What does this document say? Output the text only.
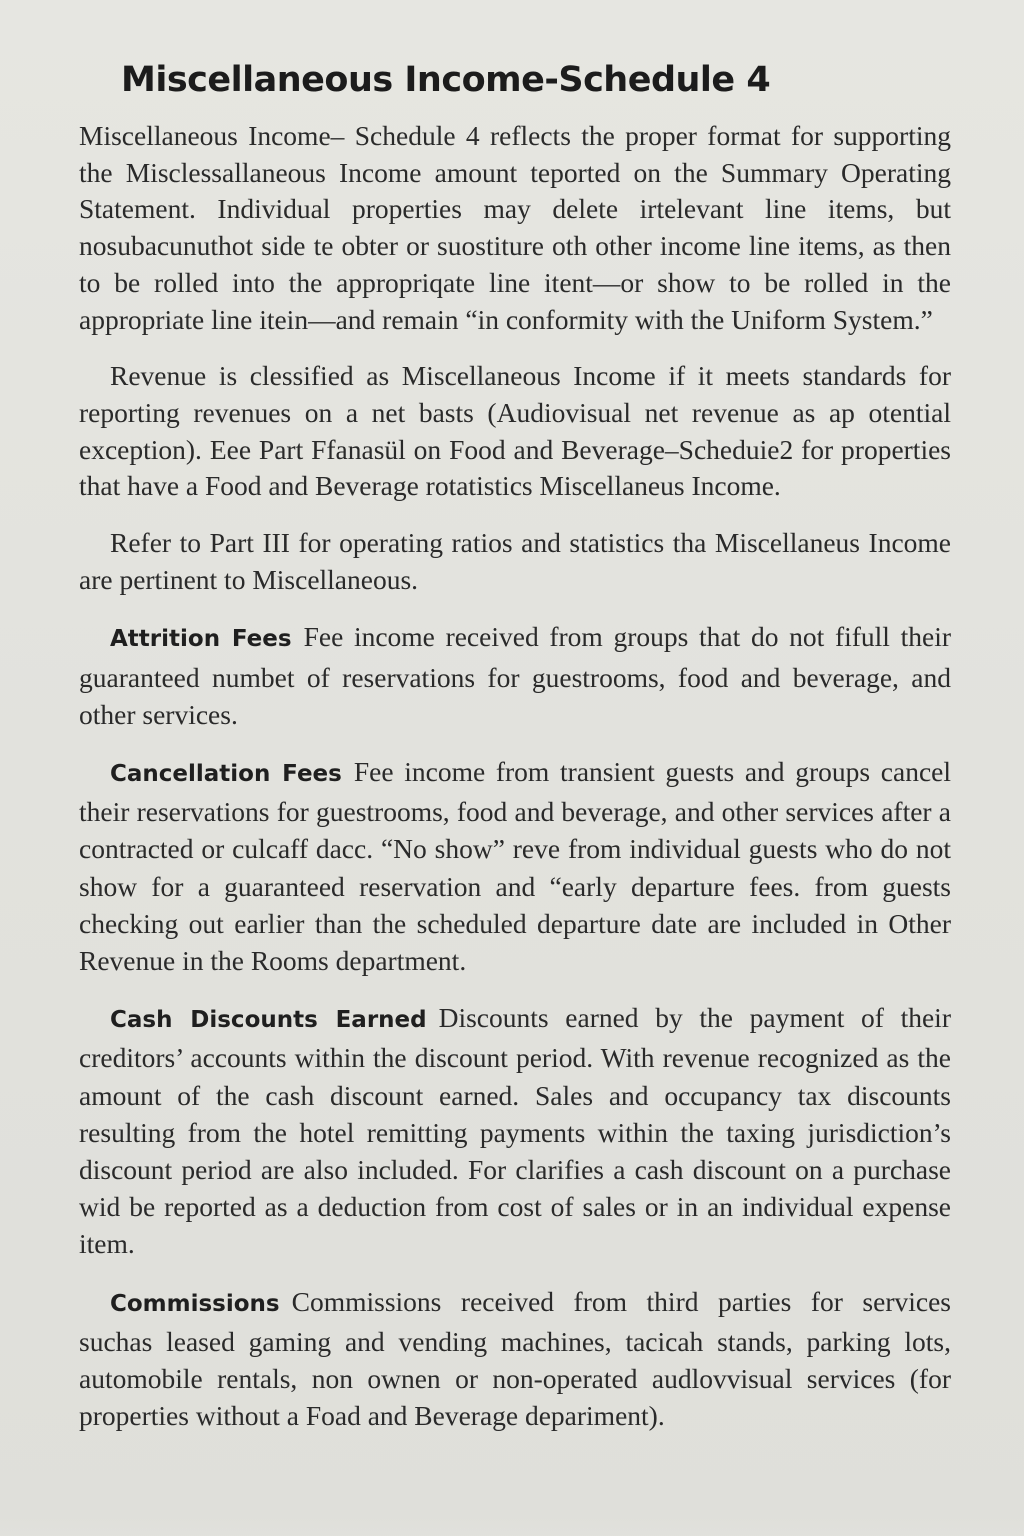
Miscellaneous Income-Schedule 4

Miscellaneous Income– Schedule 4 reflects the proper format for supporting the Misclessallaneous Income amount teported on the Summary Operating Statement. Individual properties may delete irtelevant line items, but nosubacunuthot side te obter or suostiture oth other income line items, as then to be rolled into the appropriqate line itent—or show to be rolled in the appropriate line itein—and remain “in conformity with the Uniform System.”

Revenue is clessified as Miscellaneous Income if it meets standards for reporting revenues on a net basts (Audiovisual net revenue as ap otential exception). Eee Part Ffanasül on Food and Beverage–Scheduie2 for properties that have a Food and Beverage rotatistics Miscellaneus Income.

Refer to Part III for operating ratios and statistics tha Miscellaneus Income are pertinent to Miscellaneous.

Attrition Fees Fee income received from groups that do not fifull their guaranteed numbet of reservations for guestrooms, food and beverage, and other services.

Cancellation Fees Fee income from transient guests and groups cancel their reservations for guestrooms, food and beverage, and other services after a contracted or culcaff dacc. “No show” reve from individual guests who do not show for a guaranteed reservation and “early departure fees. from guests checking out earlier than the scheduled departure date are included in Other Revenue in the Rooms department.

Cash Discounts Earned Discounts earned by the payment of their creditors’ accounts within the discount period. With revenue recognized as the amount of the cash discount earned. Sales and occupancy tax discounts resulting from the hotel remitting payments within the taxing jurisdiction’s discount period are also included. For clarifies a cash discount on a purchase wid be reported as a deduction from cost of sales or in an individual expense item.

Commissions Commissions received from third parties for services suchas leased gaming and vending machines, tacicah stands, parking lots, automobile rentals, non ownen or non-operated audlovvisual services (for properties without a Foad and Beverage depariment).
